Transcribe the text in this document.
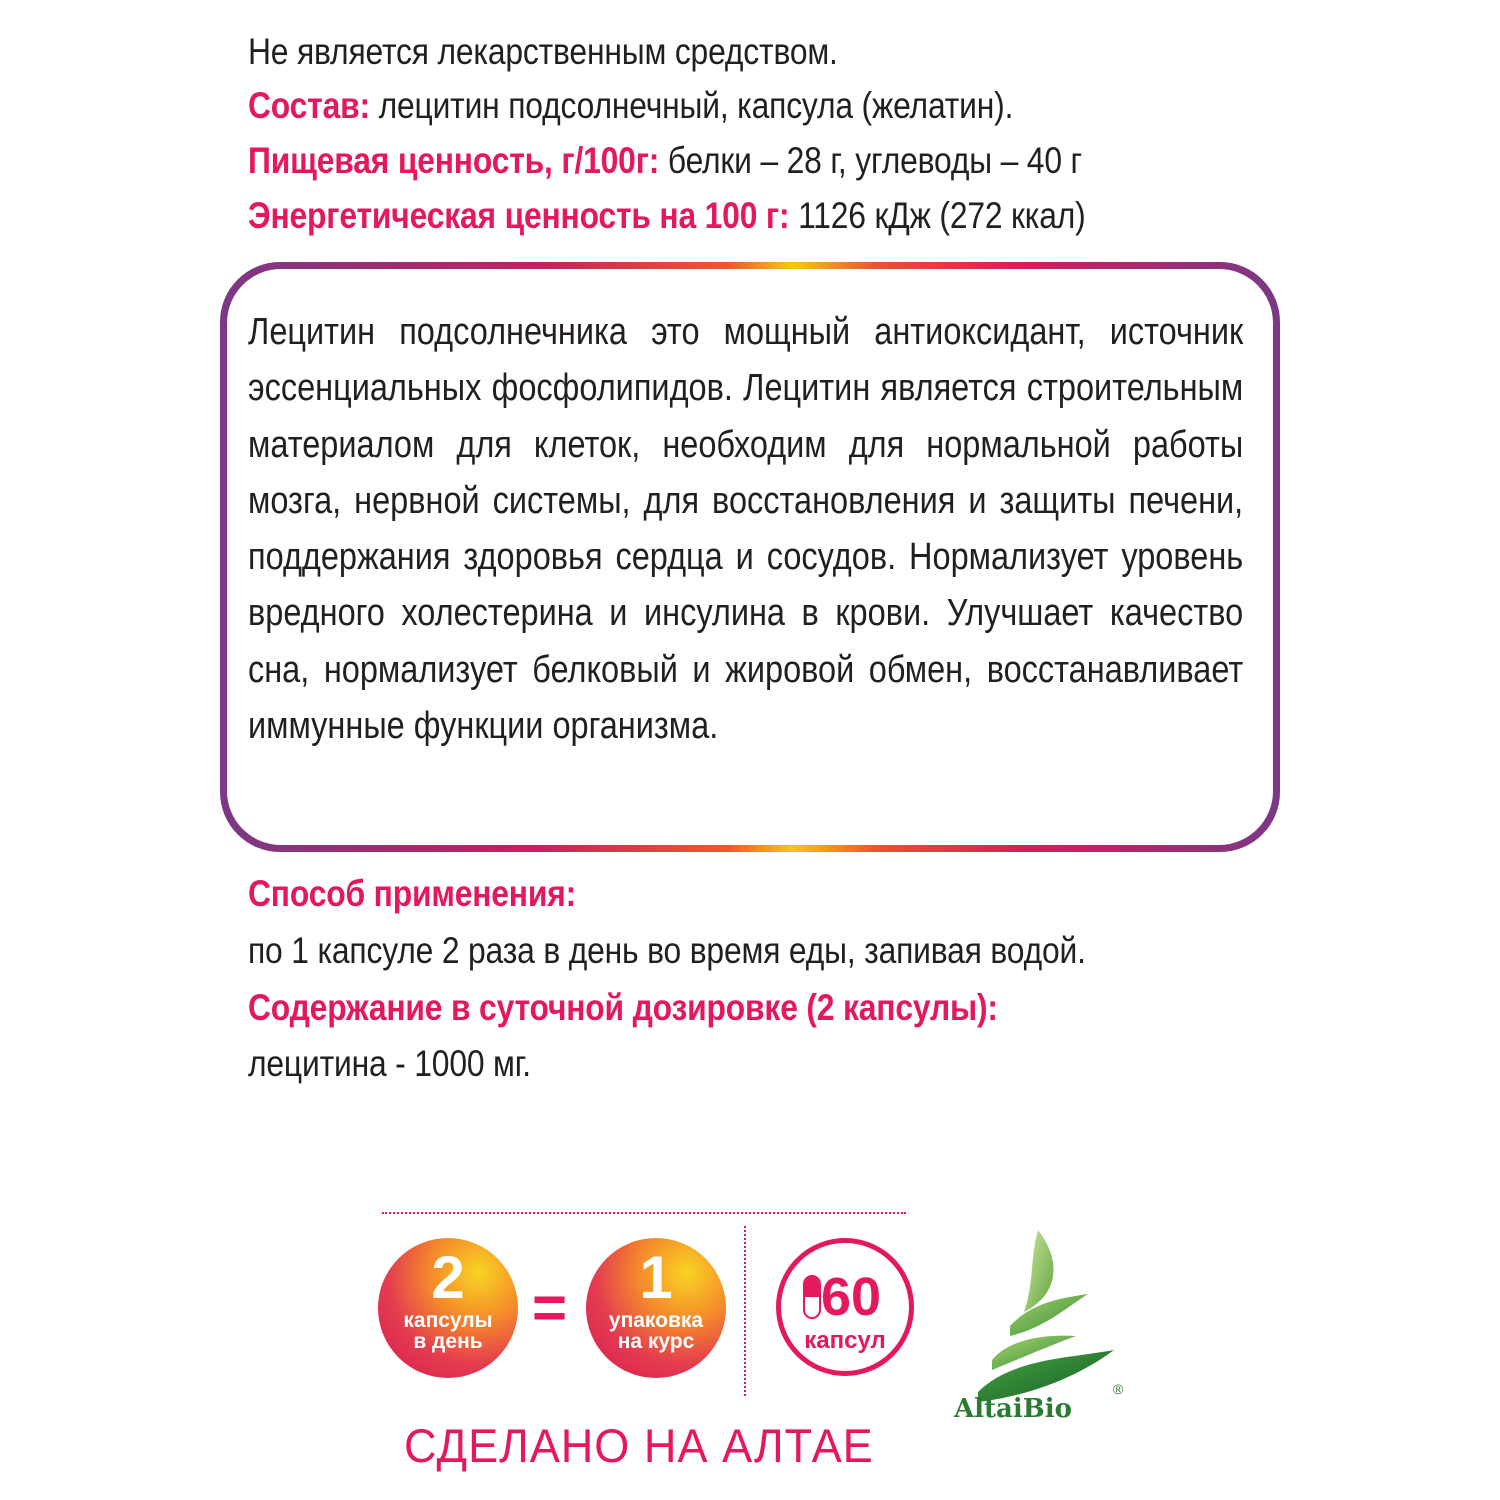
Не является лекарственным средством.
Состав: лецитин подсолнечный, капсула (желатин).
Пищевая ценность, г/100г: белки – 28 г, углеводы – 40 г
Энергетическая ценность на 100 г: 1126 кДж (272 ккал)
Лецитин подсолнечника это мощный антиоксидант, источник эссенциальных фосфолипидов. Лецитин является строительным материалом для клеток, необходим для нормальной работы мозга, нервной системы, для восстановления и защиты печени, поддержания здоровья сердца и сосудов. Нормализует уровень вредного холестерина и инсулина в крови. Улучшает качество сна, нормализует белковый и жировой обмен, восстанавливает иммунные функции организма.
Способ применения:
по 1 капсуле 2 раза в день во время еды, запивая водой.
Содержание в суточной дозировке (2 капсулы):
лецитина - 1000 мг.
2
капсулы
в день
=	1
упаковка
на курс
60
капсул
AltaiBio
®
СДЕЛАНО НА АЛТАЕ
